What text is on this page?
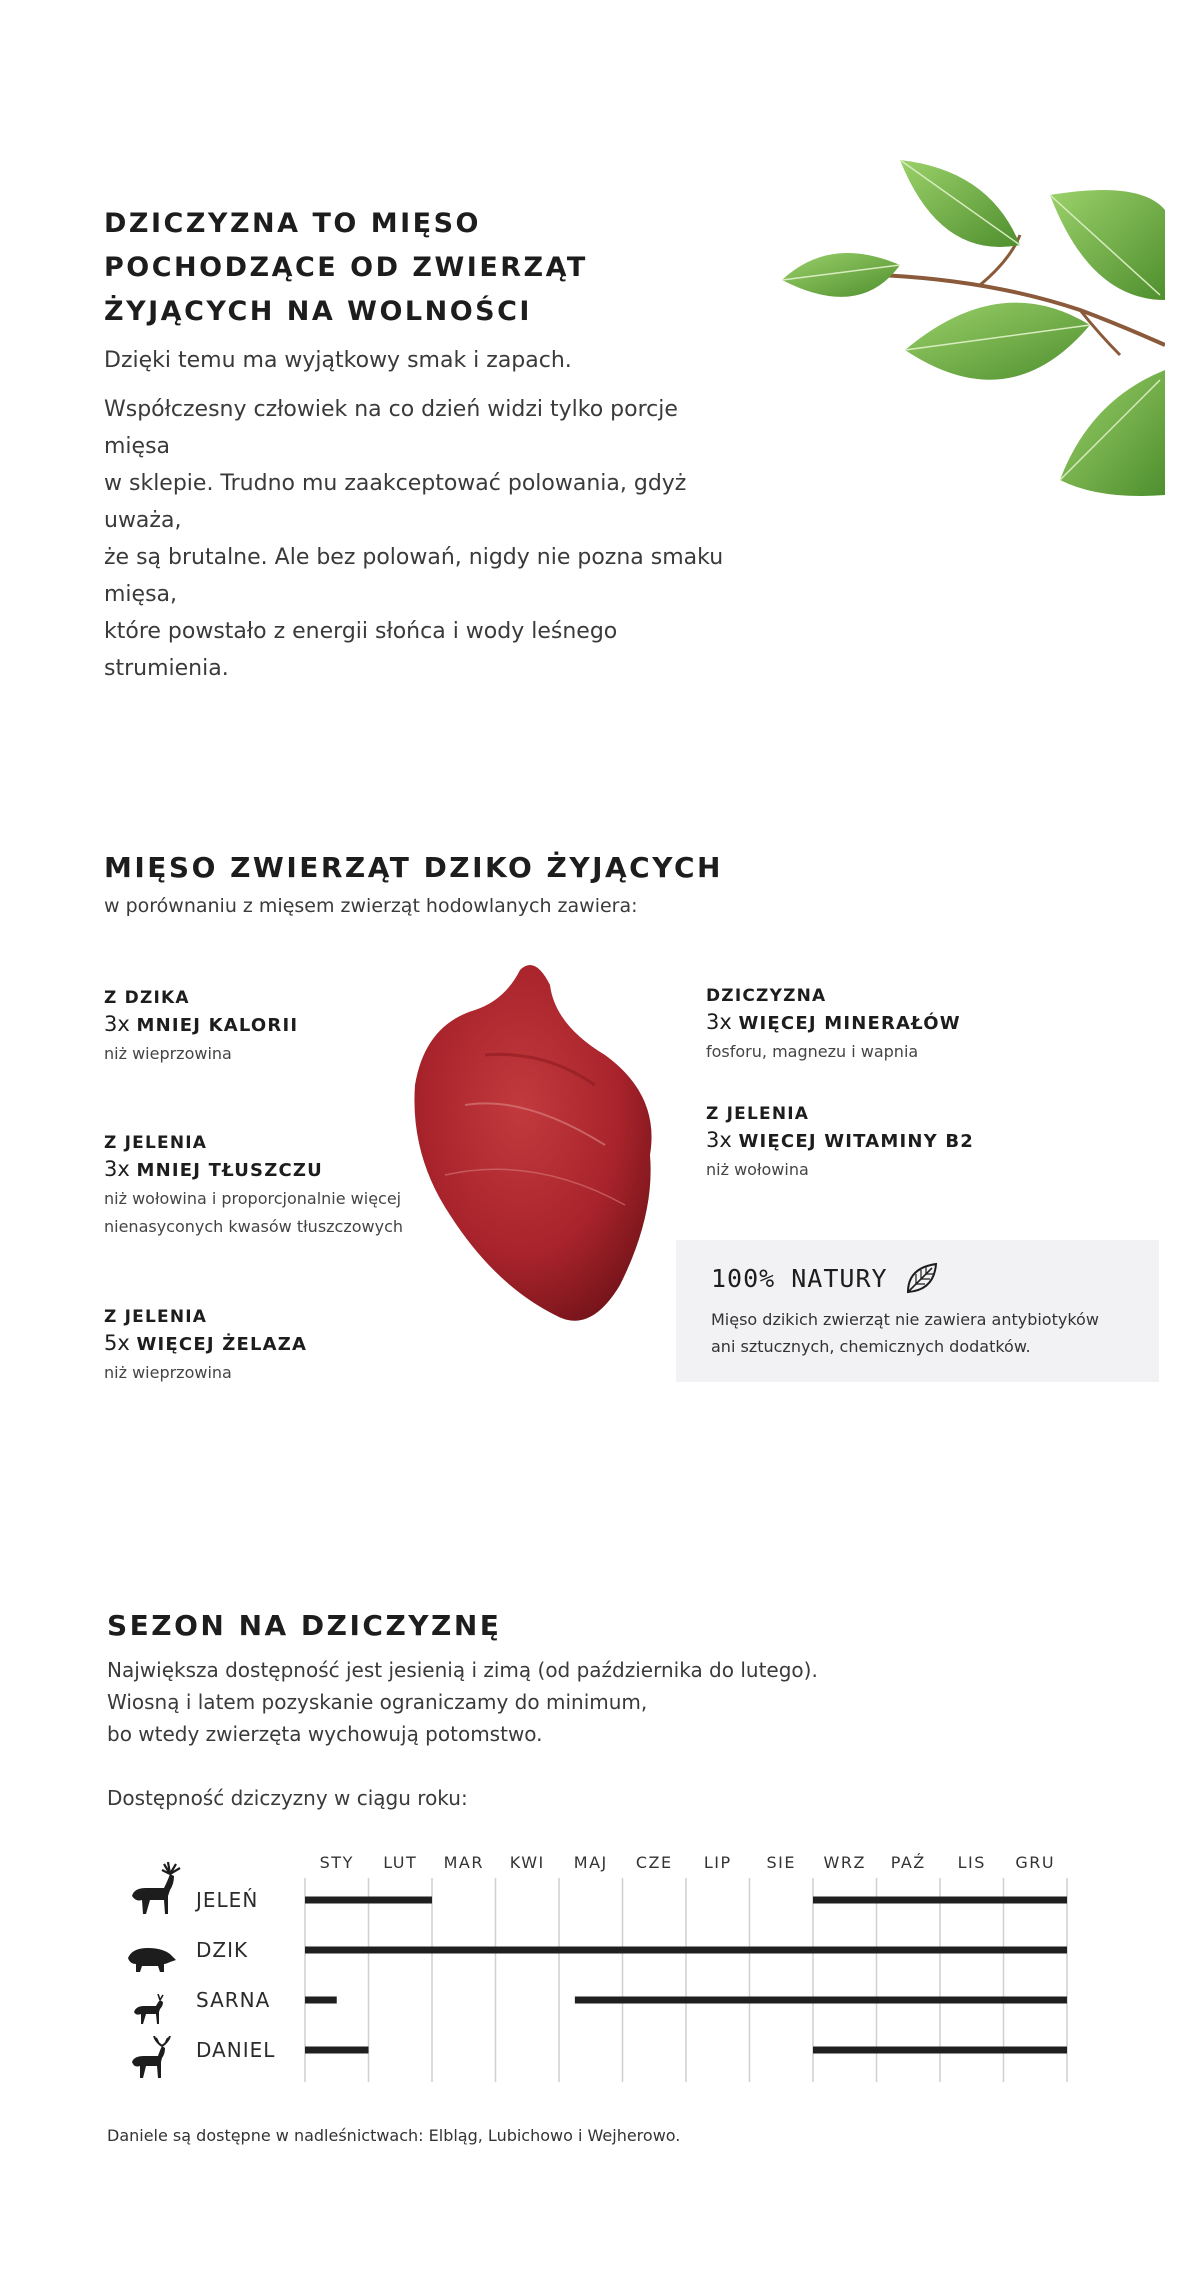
DZICZYZNA TO MIĘSO
POCHODZĄCE OD ZWIERZĄT
ŻYJĄCYCH NA WOLNOŚCI
Dzięki temu ma wyjątkowy smak i zapach.
Współczesny człowiek na co dzień widzi tylko porcje mięsa
w sklepie. Trudno mu zaakceptować polowania, gdyż uważa,
że są brutalne. Ale bez polowań, nigdy nie pozna smaku mięsa,
które powstało z energii słońca i wody leśnego strumienia.
MIĘSO ZWIERZĄT DZIKO ŻYJĄCYCH
w porównaniu z mięsem zwierząt hodowlanych zawiera:
Z DZIKA
3x MNIEJ KALORII
niż wieprzowina
Z JELENIA
3x MNIEJ TŁUSZCZU
niż wołowina i proporcjonalnie więcej
nienasyconych kwasów tłuszczowych
Z JELENIA
5x WIĘCEJ ŻELAZA
niż wieprzowina
DZICZYZNA
3x WIĘCEJ MINERAŁÓW
fosforu, magnezu i wapnia
Z JELENIA
3x WIĘCEJ WITAMINY B2
niż wołowina
100% NATURY
Mięso dzikich zwierząt nie zawiera antybiotyków
ani sztucznych, chemicznych dodatków.
SEZON NA DZICZYZNĘ
Największa dostępność jest jesienią i zimą (od października do lutego).
Wiosną i latem pozyskanie ograniczamy do minimum,
bo wtedy zwierzęta wychowują potomstwo.
Dostępność dziczyzny w ciągu roku:
STY LUT MAR KWI MAJ CZE LIP SIE WRZ PAŹ LIS GRU
JELEŃ
DZIK
SARNA
DANIEL
Daniele są dostępne w nadleśnictwach: Elbląg, Lubichowo i Wejherowo.
